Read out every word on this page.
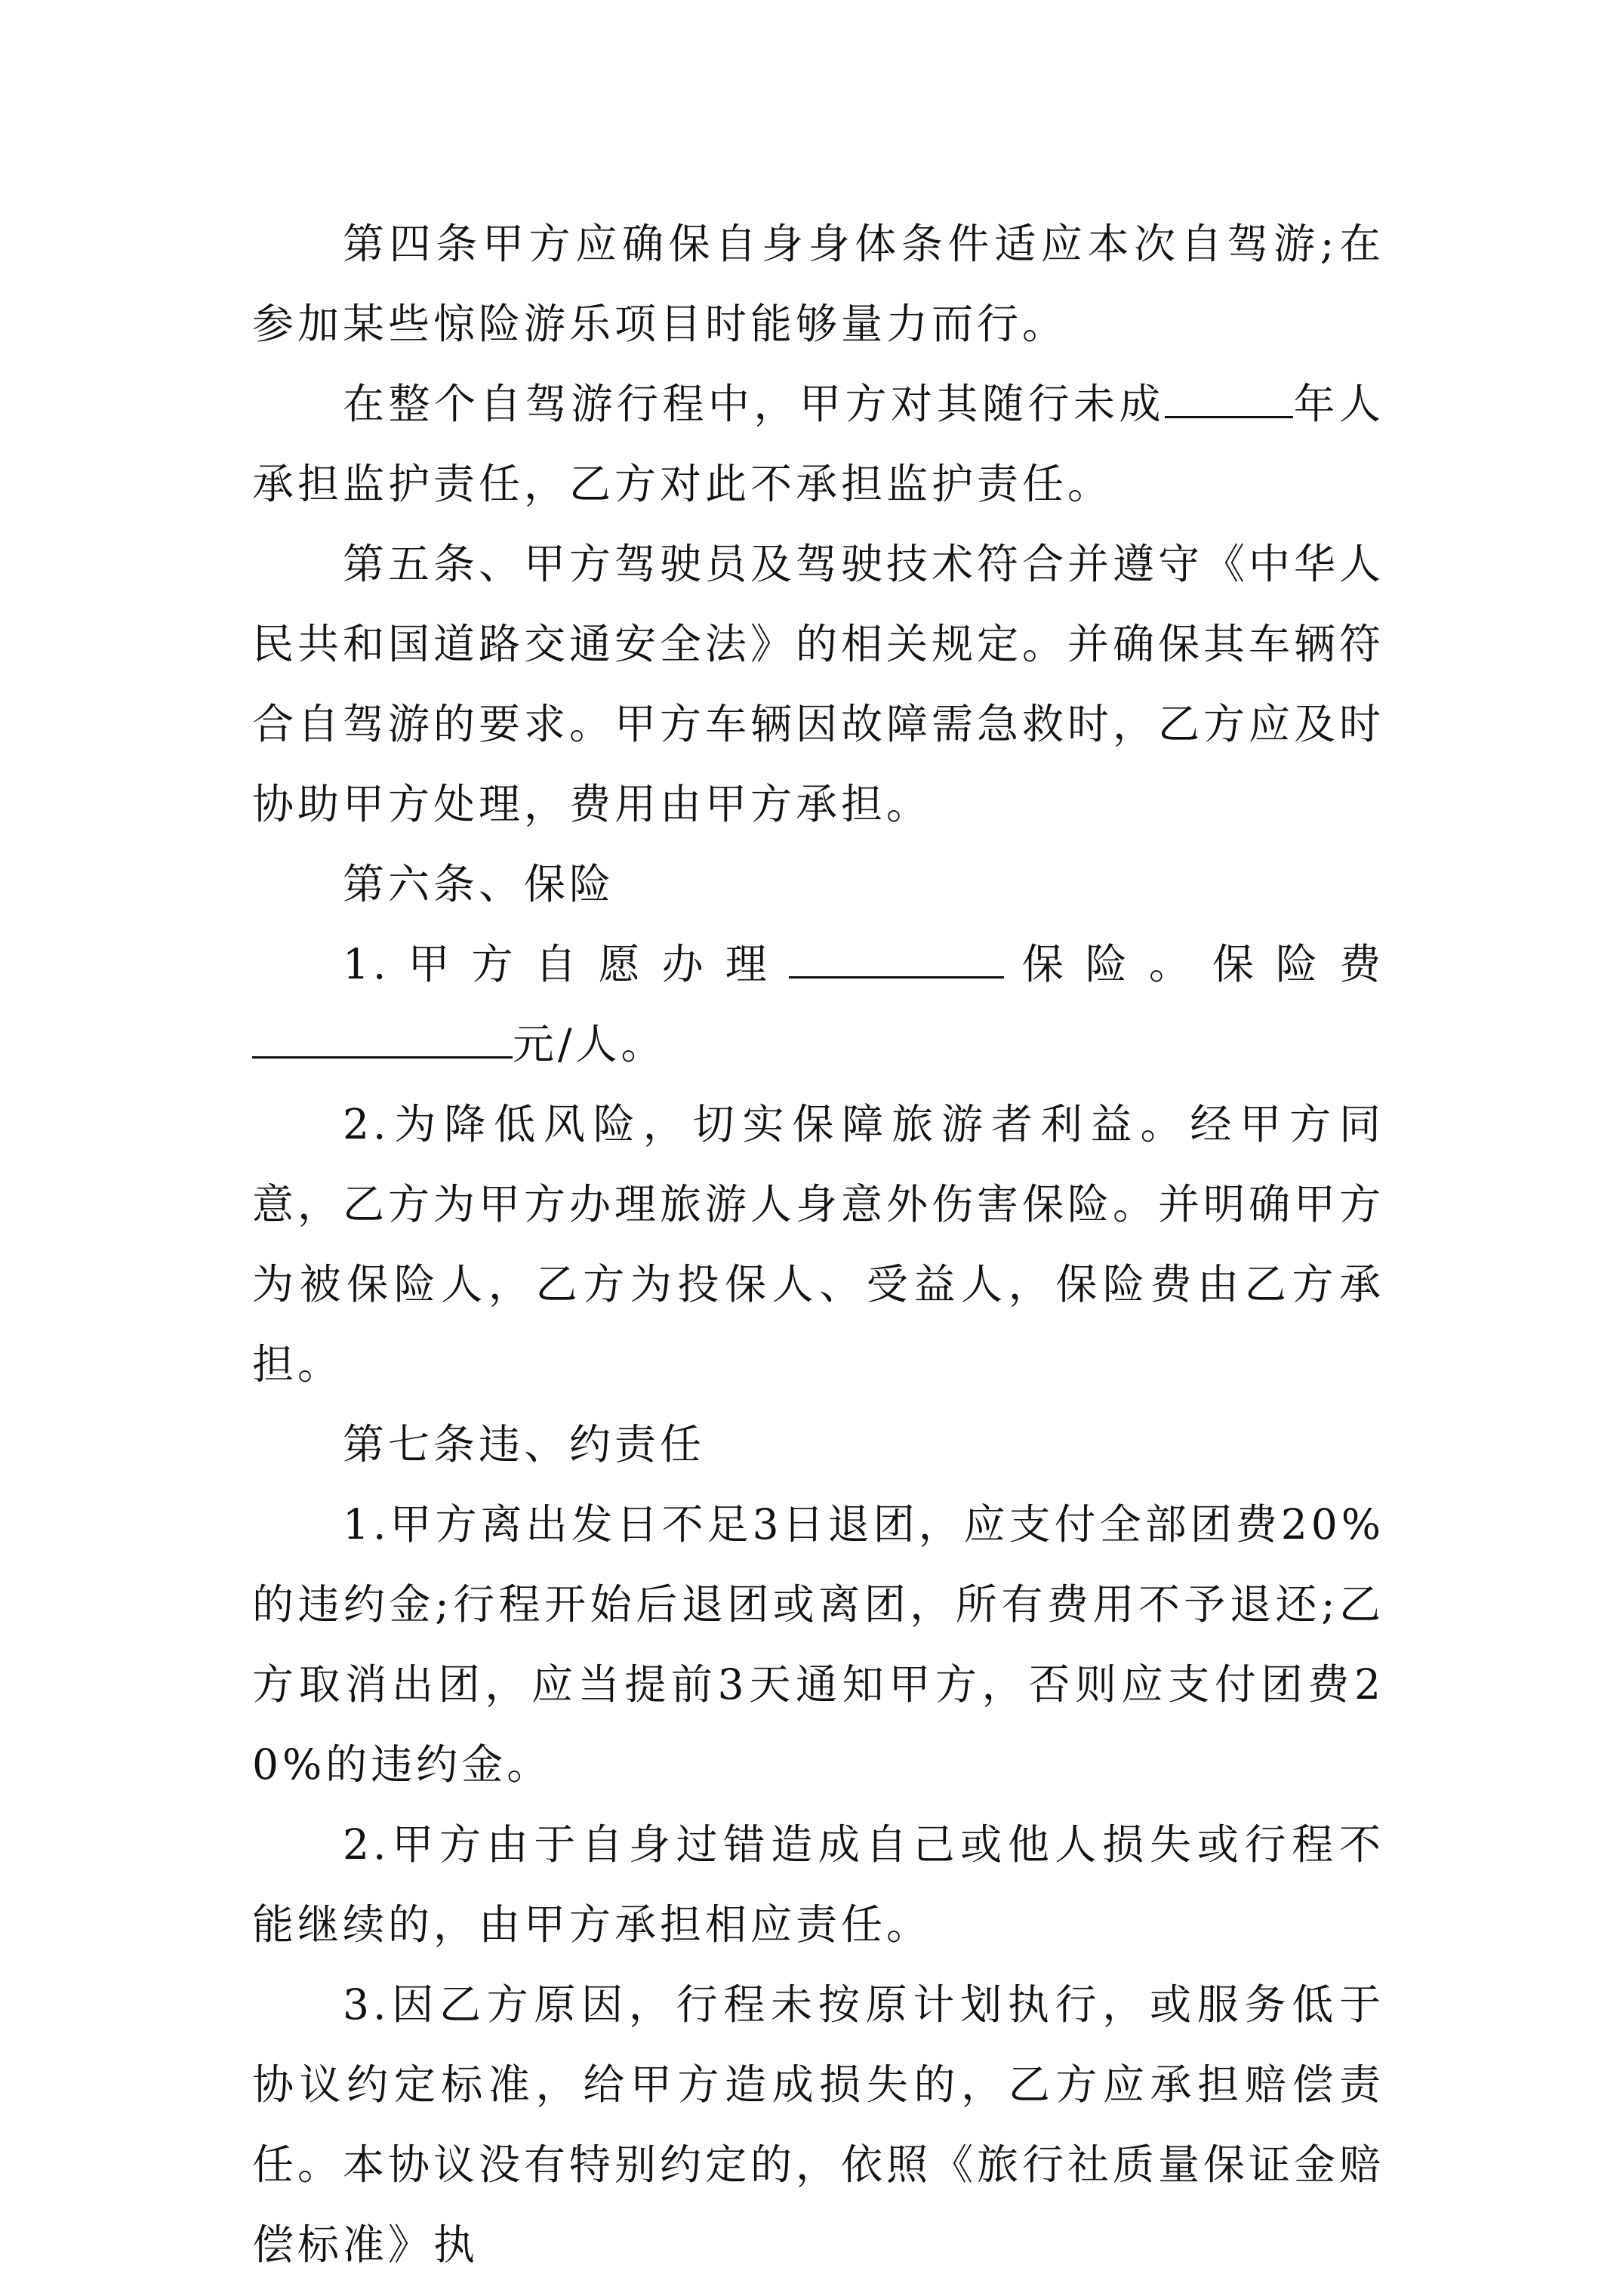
第四条甲方应确保自身身体条件适应本次自驾游;在参加某些惊险游乐项目时能够量力而行。

在整个自驾游行程中，甲方对其随行未成	年人承担监护责任，乙方对此不承担监护责任。

第五条、甲方驾驶员及驾驶技术符合并遵守《中华人民共和国道路交通安全法》的相关规定。并确保其车辆符合自驾游的要求。甲方车辆因故障需急救时，乙方应及时协助甲方处理，费用由甲方承担。

第六条、保险

1.甲方自愿办理	保险。保险费元/人。

2.为降低风险，切实保障旅游者利益。经甲方同意，乙方为甲方办理旅游人身意外伤害保险。并明确甲方为被保险人，乙方为投保人、受益人，保险费由乙方承担。

第七条违、约责任

1.甲方离出发日不足3日退团，应支付全部团费20%的违约金;行程开始后退团或离团，所有费用不予退还;乙方取消出团，应当提前3天通知甲方，否则应支付团费20%的违约金。

2.甲方由于自身过错造成自己或他人损失或行程不能继续的，由甲方承担相应责任。

3.因乙方原因，行程未按原计划执行，或服务低于协议约定标准，给甲方造成损失的，乙方应承担赔偿责任。本协议没有特别约定的，依照《旅行社质量保证金赔偿标准》执
